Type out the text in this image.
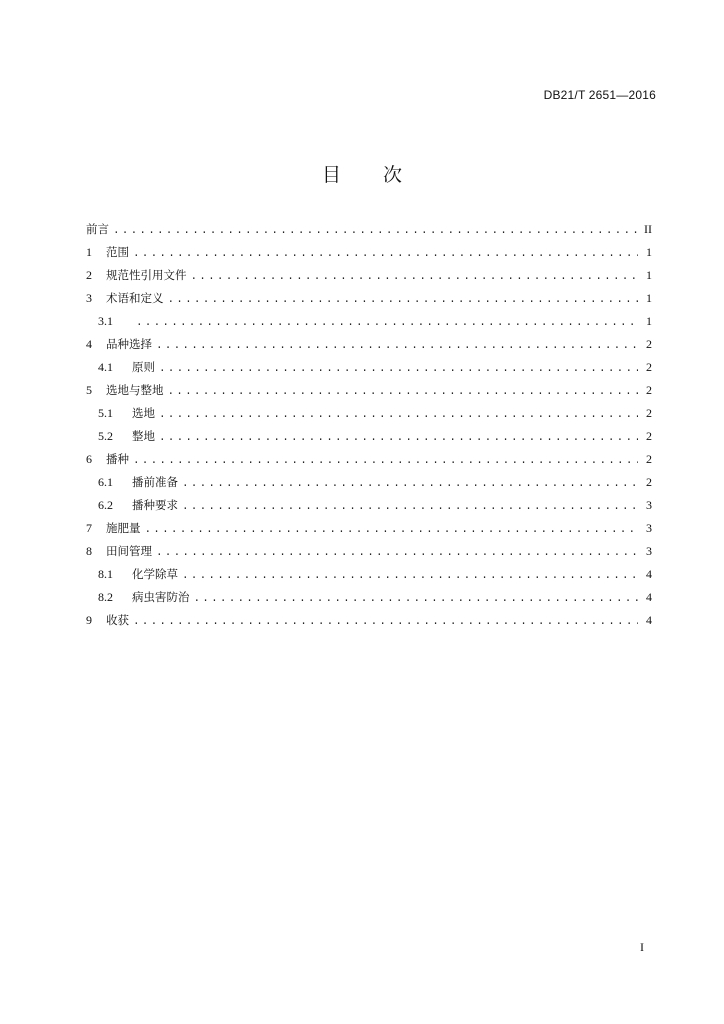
DB21/T 2651—2016
目 次
前言 .....	II
1 范围 .....	1
2 规范性引用文件 .....	1
3 术语和定义 .....	1
3.1 .....	1
4 品种选择 .....	2
4.1 原则 .....	2
5 选地与整地 .....	2
5.1 选地 .....	2
5.2 整地 .....	2
6 播种 .....	2
6.1 播前准备 .....	2
6.2 播种要求 .....	3
7 施肥量 .....	3
8 田间管理 .....	3
8.1 化学除草 .....	4
8.2 病虫害防治 .....	4
9 收获 .....	4
I
